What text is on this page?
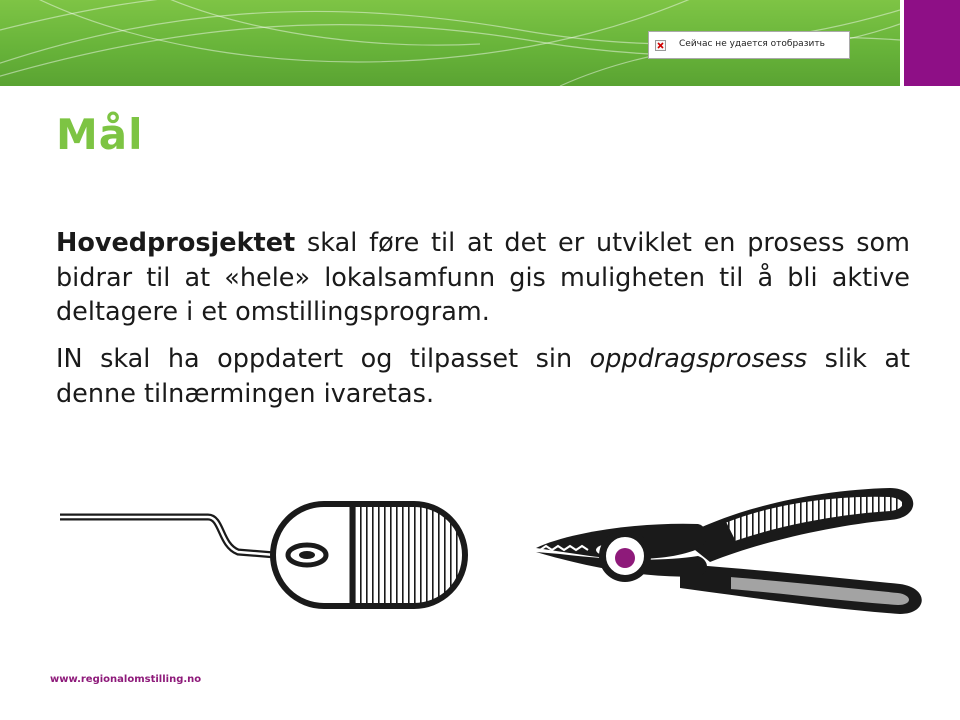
Сейчас не удается отобразить
Mål

Hovedprosjektet skal føre til at det er utviklet en prosess som bidrar til at «hele» lokalsamfunn gis muligheten til å bli aktive deltagere i et omstillingsprogram.

IN skal ha oppdatert og tilpasset sin oppdragsprosess slik at denne tilnærmingen ivaretas.

www.regionalomstilling.no
